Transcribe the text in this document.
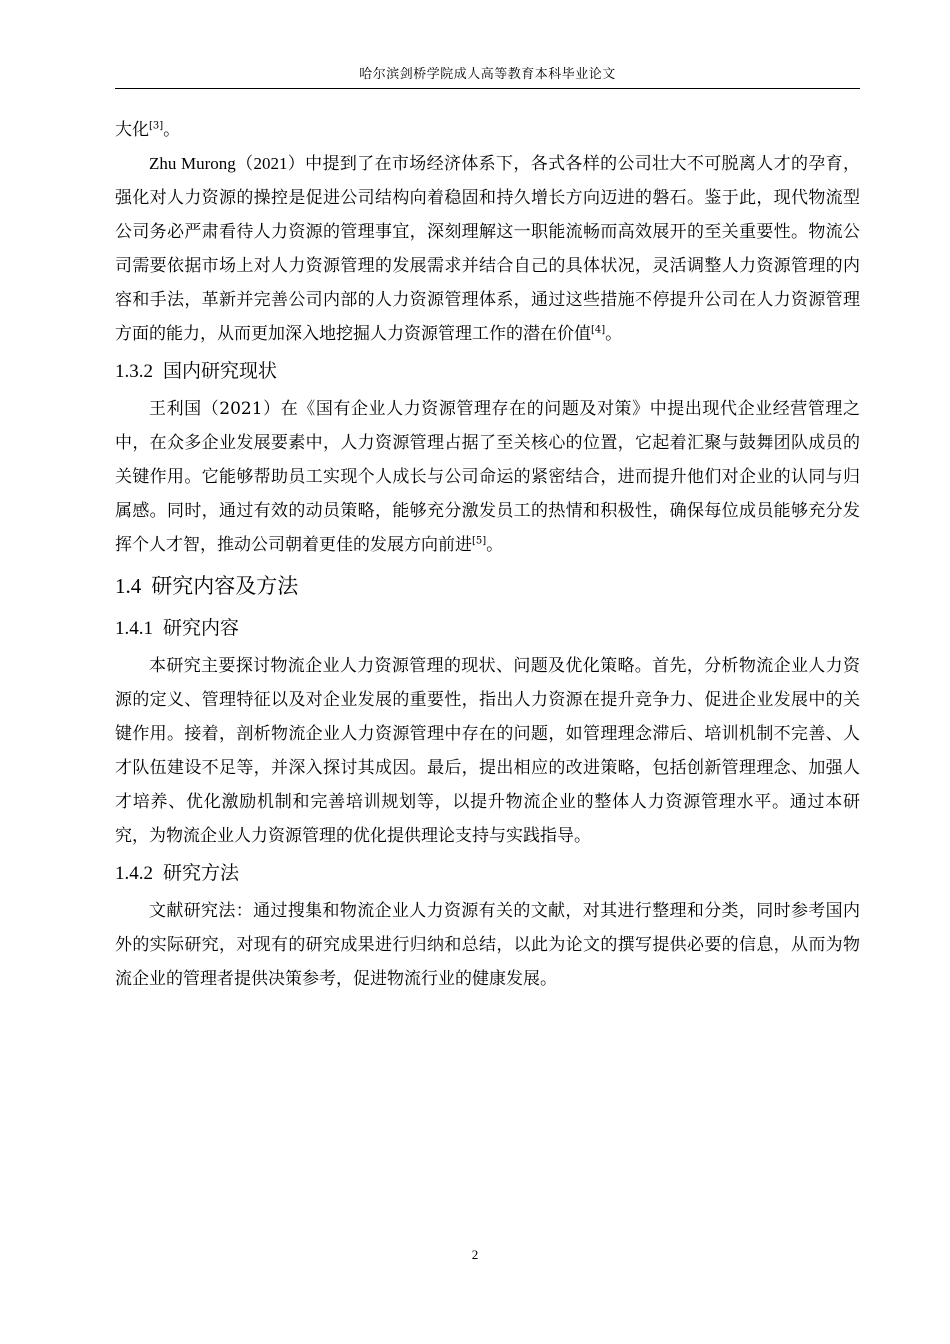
哈尔滨剑桥学院成人高等教育本科毕业论文

大化[3]。

Zhu Murong（2021）中提到了在市场经济体系下，各式各样的公司壮大不可脱离人才的孕育，强化对人力资源的操控是促进公司结构向着稳固和持久增长方向迈进的磐石。鉴于此，现代物流型公司务必严肃看待人力资源的管理事宜，深刻理解这一职能流畅而高效展开的至关重要性。物流公司需要依据市场上对人力资源管理的发展需求并结合自己的具体状况，灵活调整人力资源管理的内容和手法，革新并完善公司内部的人力资源管理体系，通过这些措施不停提升公司在人力资源管理方面的能力，从而更加深入地挖掘人力资源管理工作的潜在价值[4]。

1.3.2 国内研究现状

王利国（2021）在《国有企业人力资源管理存在的问题及对策》中提出现代企业经营管理之中，在众多企业发展要素中，人力资源管理占据了至关核心的位置，它起着汇聚与鼓舞团队成员的关键作用。它能够帮助员工实现个人成长与公司命运的紧密结合，进而提升他们对企业的认同与归属感。同时，通过有效的动员策略，能够充分激发员工的热情和积极性，确保每位成员能够充分发挥个人才智，推动公司朝着更佳的发展方向前进[5]。

1.4 研究内容及方法
1.4.1 研究内容

本研究主要探讨物流企业人力资源管理的现状、问题及优化策略。首先，分析物流企业人力资源的定义、管理特征以及对企业发展的重要性，指出人力资源在提升竞争力、促进企业发展中的关键作用。接着，剖析物流企业人力资源管理中存在的问题，如管理理念滞后、培训机制不完善、人才队伍建设不足等，并深入探讨其成因。最后，提出相应的改进策略，包括创新管理理念、加强人才培养、优化激励机制和完善培训规划等，以提升物流企业的整体人力资源管理水平。通过本研究，为物流企业人力资源管理的优化提供理论支持与实践指导。

1.4.2 研究方法

文献研究法：通过搜集和物流企业人力资源有关的文献，对其进行整理和分类，同时参考国内外的实际研究，对现有的研究成果进行归纳和总结，以此为论文的撰写提供必要的信息，从而为物流企业的管理者提供决策参考，促进物流行业的健康发展。

2
